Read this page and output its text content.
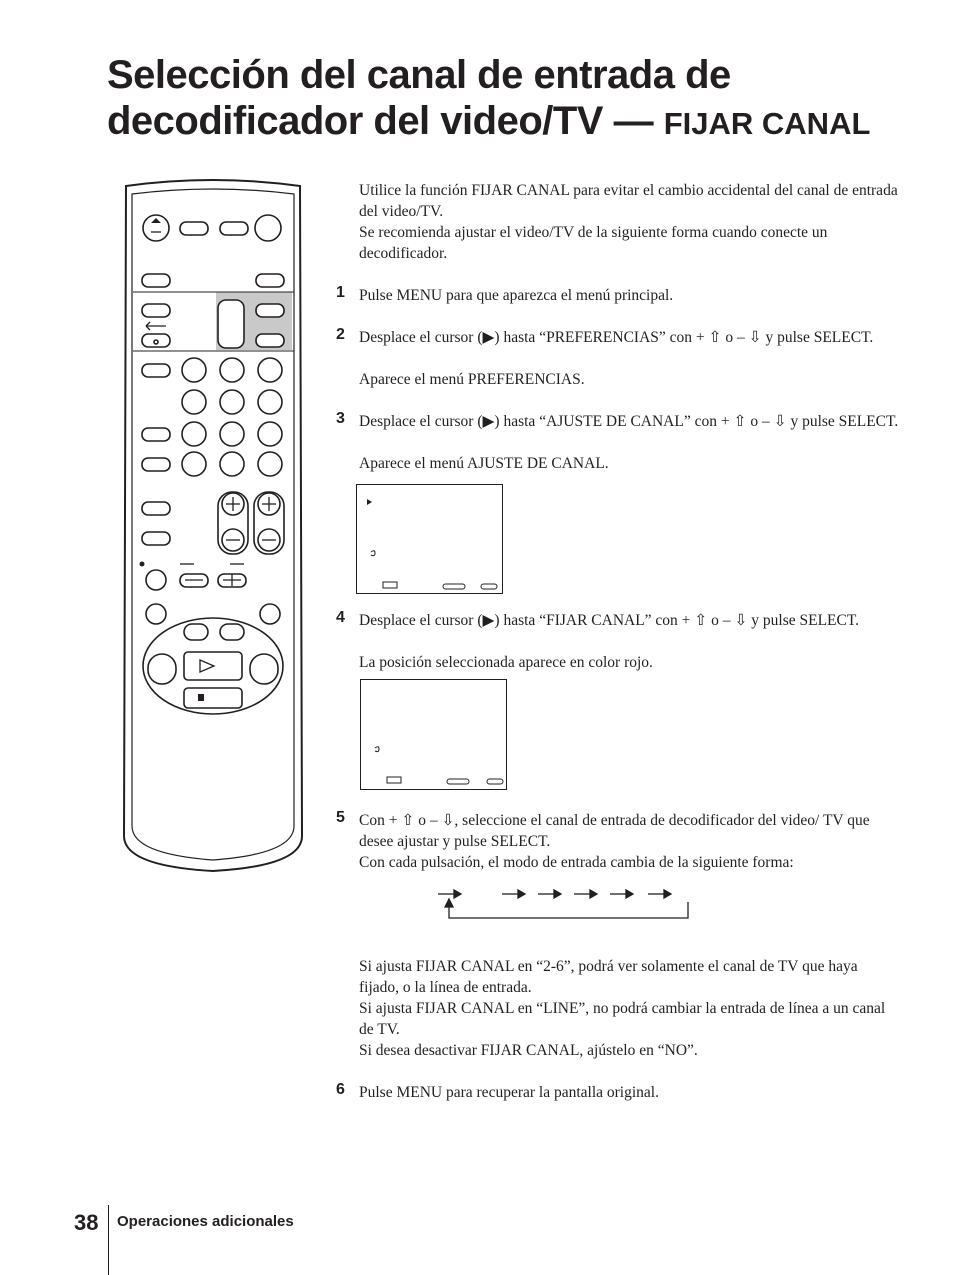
Selección del canal de entrada de decodificador del video/TV — FIJAR CANAL

Utilice la función FIJAR CANAL para evitar el cambio accidental del canal de entrada del video/TV.

Se recomienda ajustar el video/TV de la siguiente forma cuando conecte un decodificador.

1 Pulse MENU para que aparezca el menú principal.

2 Desplace el cursor (▶) hasta “PREFERENCIAS” con + ⇧ o – ⇩ y pulse SELECT.

Aparece el menú PREFERENCIAS.

3 Desplace el cursor (▶) hasta “AJUSTE DE CANAL” con + ⇧ o – ⇩ y pulse SELECT.

Aparece el menú AJUSTE DE CANAL.

4 Desplace el cursor (▶) hasta “FIJAR CANAL” con + ⇧ o – ⇩ y pulse SELECT.

La posición seleccionada aparece en color rojo.

5 Con + ⇧ o – ⇩, seleccione el canal de entrada de decodificador del video/ TV que desee ajustar y pulse SELECT.

Con cada pulsación, el modo de entrada cambia de la siguiente forma:

Si ajusta FIJAR CANAL en “2-6”, podrá ver solamente el canal de TV que haya fijado, o la línea de entrada.

Si ajusta FIJAR CANAL en “LINE”, no podrá cambiar la entrada de línea a un canal de TV.

Si desea desactivar FIJAR CANAL, ajústelo en “NO”.

6 Pulse MENU para recuperar la pantalla original.

38 Operaciones adicionales
